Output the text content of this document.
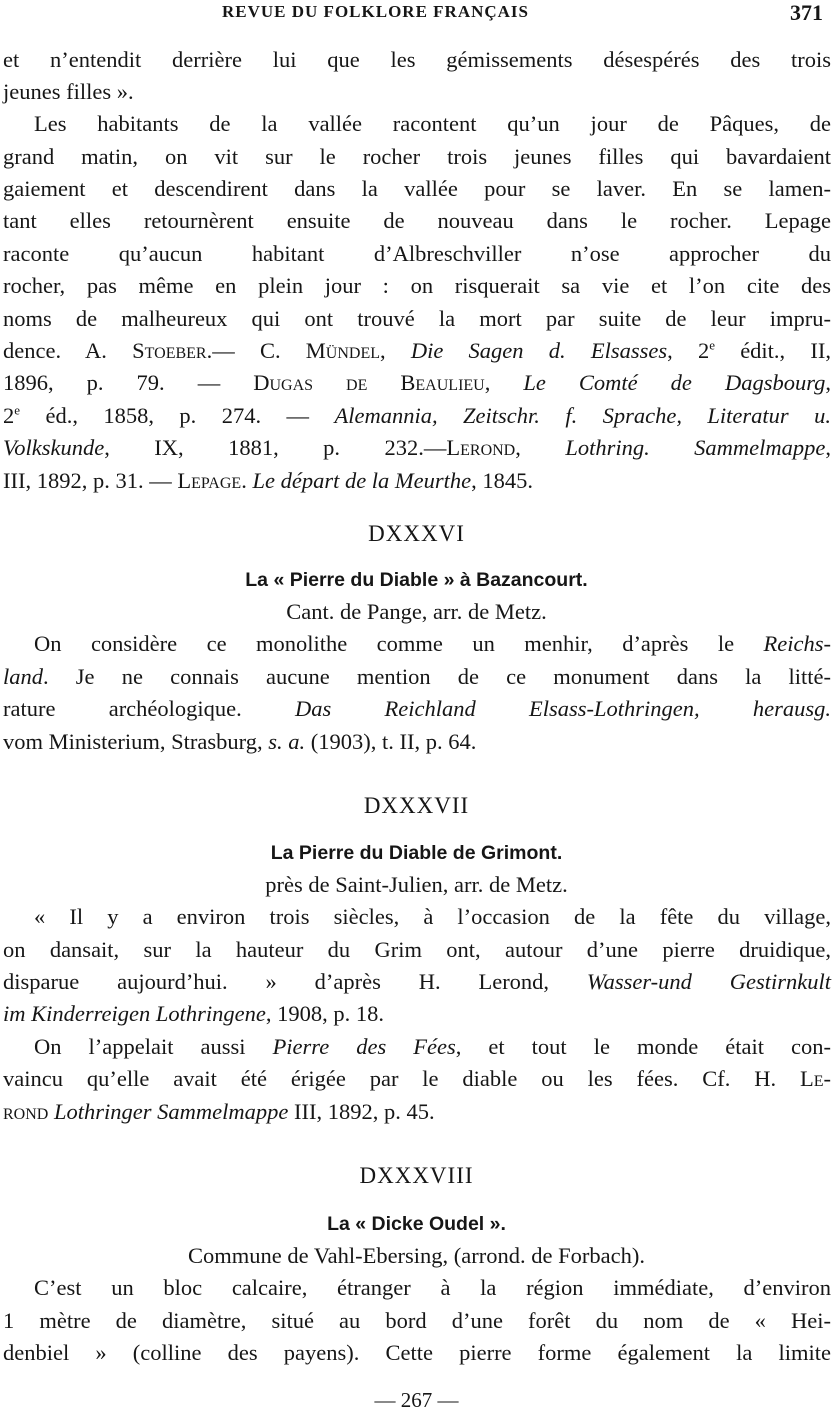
REVUE DU FOLKLORE FRANÇAIS	371
et n’entendit derrière lui que les gémissements désespérés des trois
jeunes filles ».
Les habitants de la vallée racontent qu’un jour de Pâques, de
grand matin, on vit sur le rocher trois jeunes filles qui bavardaient
gaiement et descendirent dans la vallée pour se laver. En se lamen-
tant elles retournèrent ensuite de nouveau dans le rocher. Lepage
raconte qu’aucun habitant d’Albreschviller n’ose approcher du
rocher, pas même en plein jour : on risquerait sa vie et l’on cite des
noms de malheureux qui ont trouvé la mort par suite de leur impru-
dence. A. Stoeber.— C. Mündel, Die Sagen d. Elsasses, 2e édit., II,
1896, p. 79. — Dugas de Beaulieu, Le Comté de Dagsbourg,
2e éd., 1858, p. 274. — Alemannia, Zeitschr. f. Sprache, Literatur u.
Volkskunde, IX, 1881, p. 232.—Lerond, Lothring. Sammelmappe,
III, 1892, p. 31. — Lepage. Le départ de la Meurthe, 1845.
DXXXVI
La « Pierre du Diable » à Bazancourt.
Cant. de Pange, arr. de Metz.
On considère ce monolithe comme un menhir, d’après le Reichs-
land. Je ne connais aucune mention de ce monument dans la litté-
rature archéologique. Das Reichland Elsass-Lothringen, herausg.
vom Ministerium, Strasburg, s. a. (1903), t. II, p. 64.
DXXXVII
La Pierre du Diable de Grimont.
près de Saint-Julien, arr. de Metz.
« Il y a environ trois siècles, à l’occasion de la fête du village,
on dansait, sur la hauteur du Grim ont, autour d’une pierre druidique,
disparue aujourd’hui. » d’après H. Lerond, Wasser-und Gestirnkult
im Kinderreigen Lothringene, 1908, p. 18.
On l’appelait aussi Pierre des Fées, et tout le monde était con-
vaincu qu’elle avait été érigée par le diable ou les fées. Cf. H. Le-
rond Lothringer Sammelmappe III, 1892, p. 45.
DXXXVIII
La « Dicke Oudel ».
Commune de Vahl-Ebersing, (arrond. de Forbach).
C’est un bloc calcaire, étranger à la région immédiate, d’environ
1 mètre de diamètre, situé au bord d’une forêt du nom de « Hei-
denbiel » (colline des payens). Cette pierre forme également la limite
— 267 —
